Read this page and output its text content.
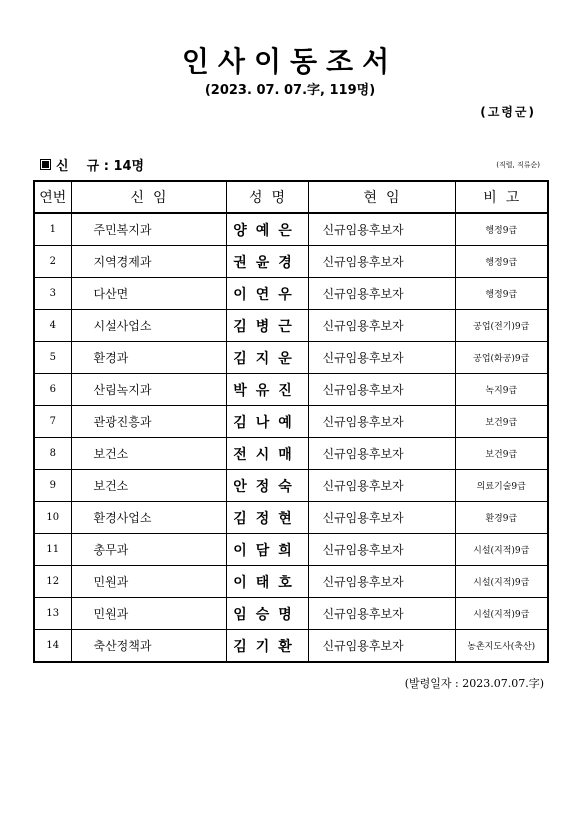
인사이동조서
(2023. 07. 07.字, 119명)
(고령군)
신    규 : 14명	(직렬, 직류순)
연번	신  임	성  명	현  임	비  고
1	주민복지과	양예은	신규임용후보자	행정9급
2	지역경제과	권윤경	신규임용후보자	행정9급
3	다산면	이연우	신규임용후보자	행정9급
4	시설사업소	김병근	신규임용후보자	공업(전기)9급
5	환경과	김지운	신규임용후보자	공업(화공)9급
6	산림녹지과	박유진	신규임용후보자	녹지9급
7	관광진흥과	김나예	신규임용후보자	보건9급
8	보건소	전시매	신규임용후보자	보건9급
9	보건소	안정숙	신규임용후보자	의료기술9급
10	환경사업소	김정현	신규임용후보자	환경9급
11	총무과	이담희	신규임용후보자	시설(지적)9급
12	민원과	이태호	신규임용후보자	시설(지적)9급
13	민원과	임승명	신규임용후보자	시설(지적)9급
14	축산정책과	김기환	신규임용후보자	농촌지도사(축산)
(발령일자 : 2023.07.07.字)
